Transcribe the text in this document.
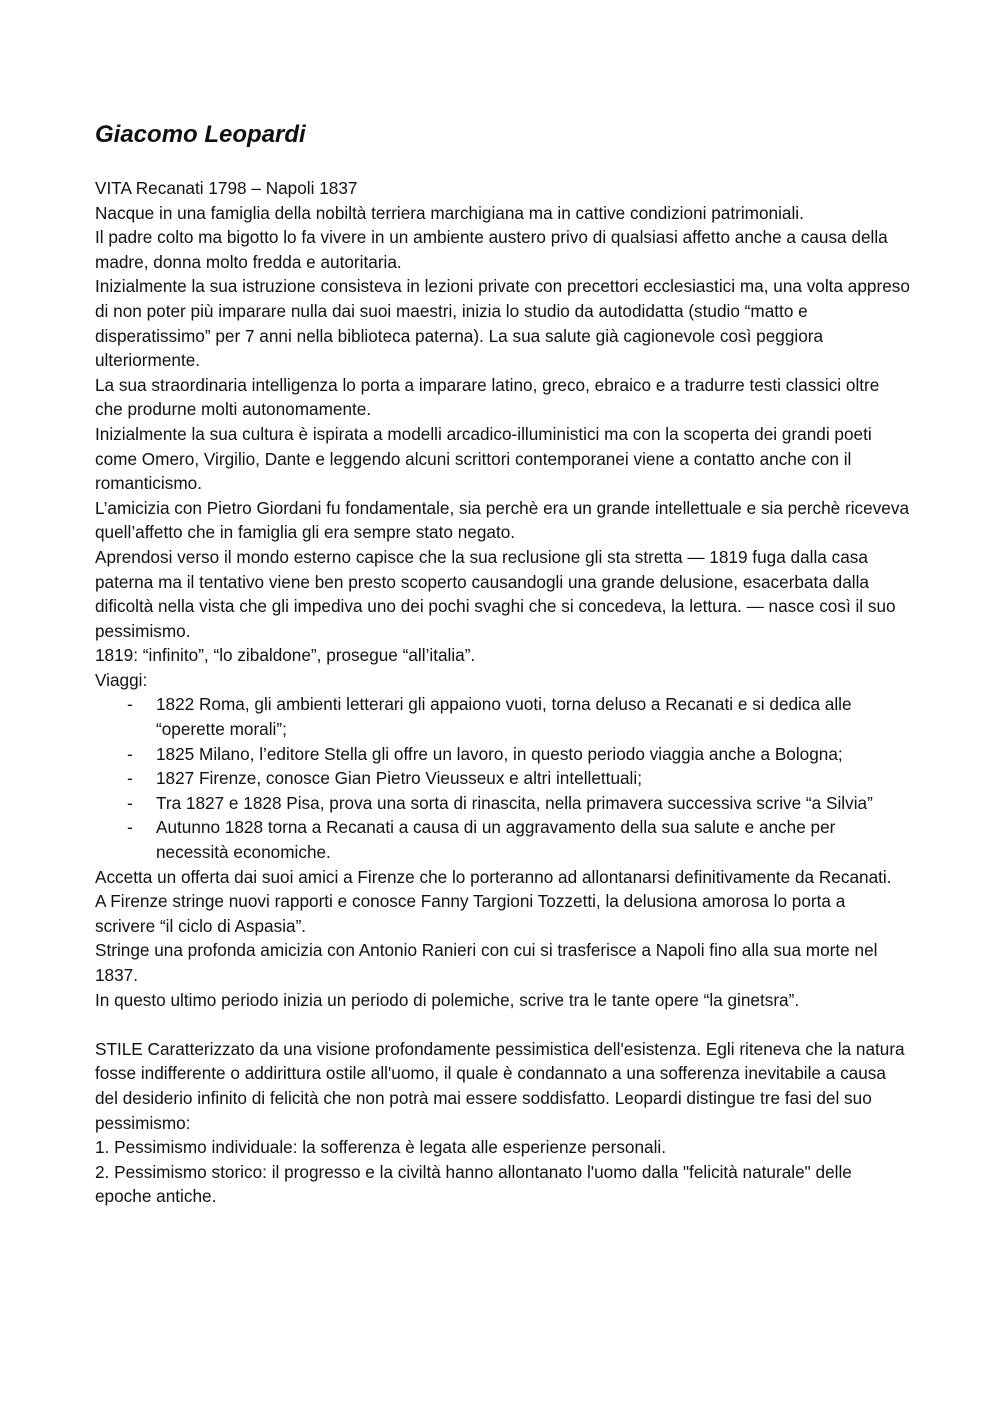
Giacomo Leopardi

VITA Recanati 1798 – Napoli 1837

Nacque in una famiglia della nobiltà terriera marchigiana ma in cattive condizioni patrimoniali.

Il padre colto ma bigotto lo fa vivere in un ambiente austero privo di qualsiasi affetto anche a causa della madre, donna molto fredda e autoritaria.

Inizialmente la sua istruzione consisteva in lezioni private con precettori ecclesiastici ma, una volta appreso di non poter più imparare nulla dai suoi maestri, inizia lo studio da autodidatta (studio “matto e disperatissimo” per 7 anni nella biblioteca paterna). La sua salute già cagionevole così peggiora ulteriormente.

La sua straordinaria intelligenza lo porta a imparare latino, greco, ebraico e a tradurre testi classici oltre che produrne molti autonomamente.

Inizialmente la sua cultura è ispirata a modelli arcadico-illuministici ma con la scoperta dei grandi poeti come Omero, Virgilio, Dante e leggendo alcuni scrittori contemporanei viene a contatto anche con il romanticismo.

L’amicizia con Pietro Giordani fu fondamentale, sia perchè era un grande intellettuale e sia perchè riceveva quell’affetto che in famiglia gli era sempre stato negato.

Aprendosi verso il mondo esterno capisce che la sua reclusione gli sta stretta — 1819 fuga dalla casa paterna ma il tentativo viene ben presto scoperto causandogli una grande delusione, esacerbata dalla dificoltà nella vista che gli impediva uno dei pochi svaghi che si concedeva, la lettura. — nasce così il suo pessimismo.

1819: “infinito”, “lo zibaldone”, prosegue “all’italia”.

Viaggi:

- 1822 Roma, gli ambienti letterari gli appaiono vuoti, torna deluso a Recanati e si dedica alle “operette morali”;
- 1825 Milano, l’editore Stella gli offre un lavoro, in questo periodo viaggia anche a Bologna;
- 1827 Firenze, conosce Gian Pietro Vieusseux e altri intellettuali;
- Tra 1827 e 1828 Pisa, prova una sorta di rinascita, nella primavera successiva scrive “a Silvia”
- Autunno 1828 torna a Recanati a causa di un aggravamento della sua salute e anche per necessità economiche.

Accetta un offerta dai suoi amici a Firenze che lo porteranno ad allontanarsi definitivamente da Recanati.

A Firenze stringe nuovi rapporti e conosce Fanny Targioni Tozzetti, la delusiona amorosa lo porta a scrivere “il ciclo di Aspasia”.

Stringe una profonda amicizia con Antonio Ranieri con cui si trasferisce a Napoli fino alla sua morte nel 1837.

In questo ultimo periodo inizia un periodo di polemiche, scrive tra le tante opere “la ginetsra”.

STILE Caratterizzato da una visione profondamente pessimistica dell'esistenza. Egli riteneva che la natura fosse indifferente o addirittura ostile all'uomo, il quale è condannato a una sofferenza inevitabile a causa del desiderio infinito di felicità che non potrà mai essere soddisfatto. Leopardi distingue tre fasi del suo pessimismo:

1. Pessimismo individuale: la sofferenza è legata alle esperienze personali.

2. Pessimismo storico: il progresso e la civiltà hanno allontanato l'uomo dalla "felicità naturale" delle epoche antiche.
